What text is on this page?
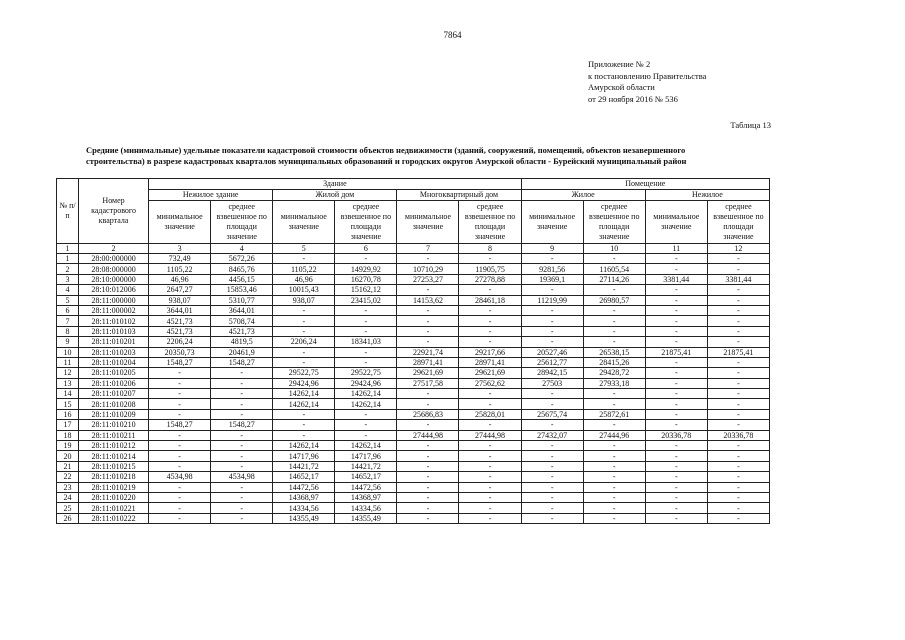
7864
Приложение № 2
к постановлению Правительства
Амурской области
от 29 ноября 2016 № 536
Таблица 13
Средние (минимальные) удельные показатели кадастровой стоимости объектов недвижимости (зданий, сооружений, помещений, объектов незавершенного
строительства) в разрезе кадастровых кварталов муниципальных образований и городских округов Амурской области - Бурейский муниципальный район
№ п/п	Номер кадастрового квартала	Здание						Помещение			
		Нежилое здание		Жилой дом		Многоквартирный дом		Жилое		Нежилое	
		минимальное значение	среднее взвешенное по площади значение	минимальное значение	среднее взвешенное по площади значение	минимальное значение	среднее взвешенное по площади значение	минимальное значение	среднее взвешенное по площади значение	минимальное значение	среднее взвешенное по площади значение
1	2	3	4	5	6	7	8	9	10	11	12
1	28:00:000000	732,49	5672,26	-	-	-	-	-	-	-	-
2	28:08:000000	1105,22	8465,76	1105,22	14929,92	10710,29	11905,75	9281,56	11605,54	-	-
3	28:10:000000	46,96	4456,15	46,96	16270,78	27253,27	27278,88	19369,1	27114,26	3381,44	3381,44
4	28:10:012006	2647,27	15853,46	10015,43	15162,12	-	-	-	-	-	-
5	28:11:000000	938,07	5310,77	938,07	23415,02	14153,62	28461,18	11219,99	26980,57	-	-
6	28:11:000002	3644,01	3644,01	-	-	-	-	-	-	-	-
7	28:11:010102	4521,73	5708,74	-	-	-	-	-	-	-	-
8	28:11:010103	4521,73	4521,73	-	-	-	-	-	-	-	-
9	28:11:010201	2206,24	4819,5	2206,24	18341,03	-	-	-	-	-	-
10	28:11:010203	20350,73	20461,9	-	-	22921,74	29217,66	20527,46	26538,15	21875,41	21875,41
11	28:11:010204	1548,27	1548,27	-	-	28971,41	28971,41	25612,77	28415,26	-	-
12	28:11:010205	-	-	29522,75	29522,75	29621,69	29621,69	28942,15	29428,72	-	-
13	28:11:010206	-	-	29424,96	29424,96	27517,58	27562,62	27503	27933,18	-	-
14	28:11:010207	-	-	14262,14	14262,14	-	-	-	-	-	-
15	28:11:010208	-	-	14262,14	14262,14	-	-	-	-	-	-
16	28:11:010209	-	-	-	-	25686,83	25828,01	25675,74	25872,61	-	-
17	28:11:010210	1548,27	1548,27	-	-	-	-	-	-	-	-
18	28:11:010211	-	-	-	-	27444,98	27444,98	27432,07	27444,96	20336,78	20336,78
19	28:11:010212	-	-	14262,14	14262,14	-	-	-	-	-	-
20	28:11:010214	-	-	14717,96	14717,96	-	-	-	-	-	-
21	28:11:010215	-	-	14421,72	14421,72	-	-	-	-	-	-
22	28:11:010218	4534,98	4534,98	14652,17	14652,17	-	-	-	-	-	-
23	28:11:010219	-	-	14472,56	14472,56	-	-	-	-	-	-
24	28:11:010220	-	-	14368,97	14368,97	-	-	-	-	-	-
25	28:11:010221	-	-	14334,56	14334,56	-	-	-	-	-	-
26	28:11:010222	-	-	14355,49	14355,49	-	-	-	-	-	-
